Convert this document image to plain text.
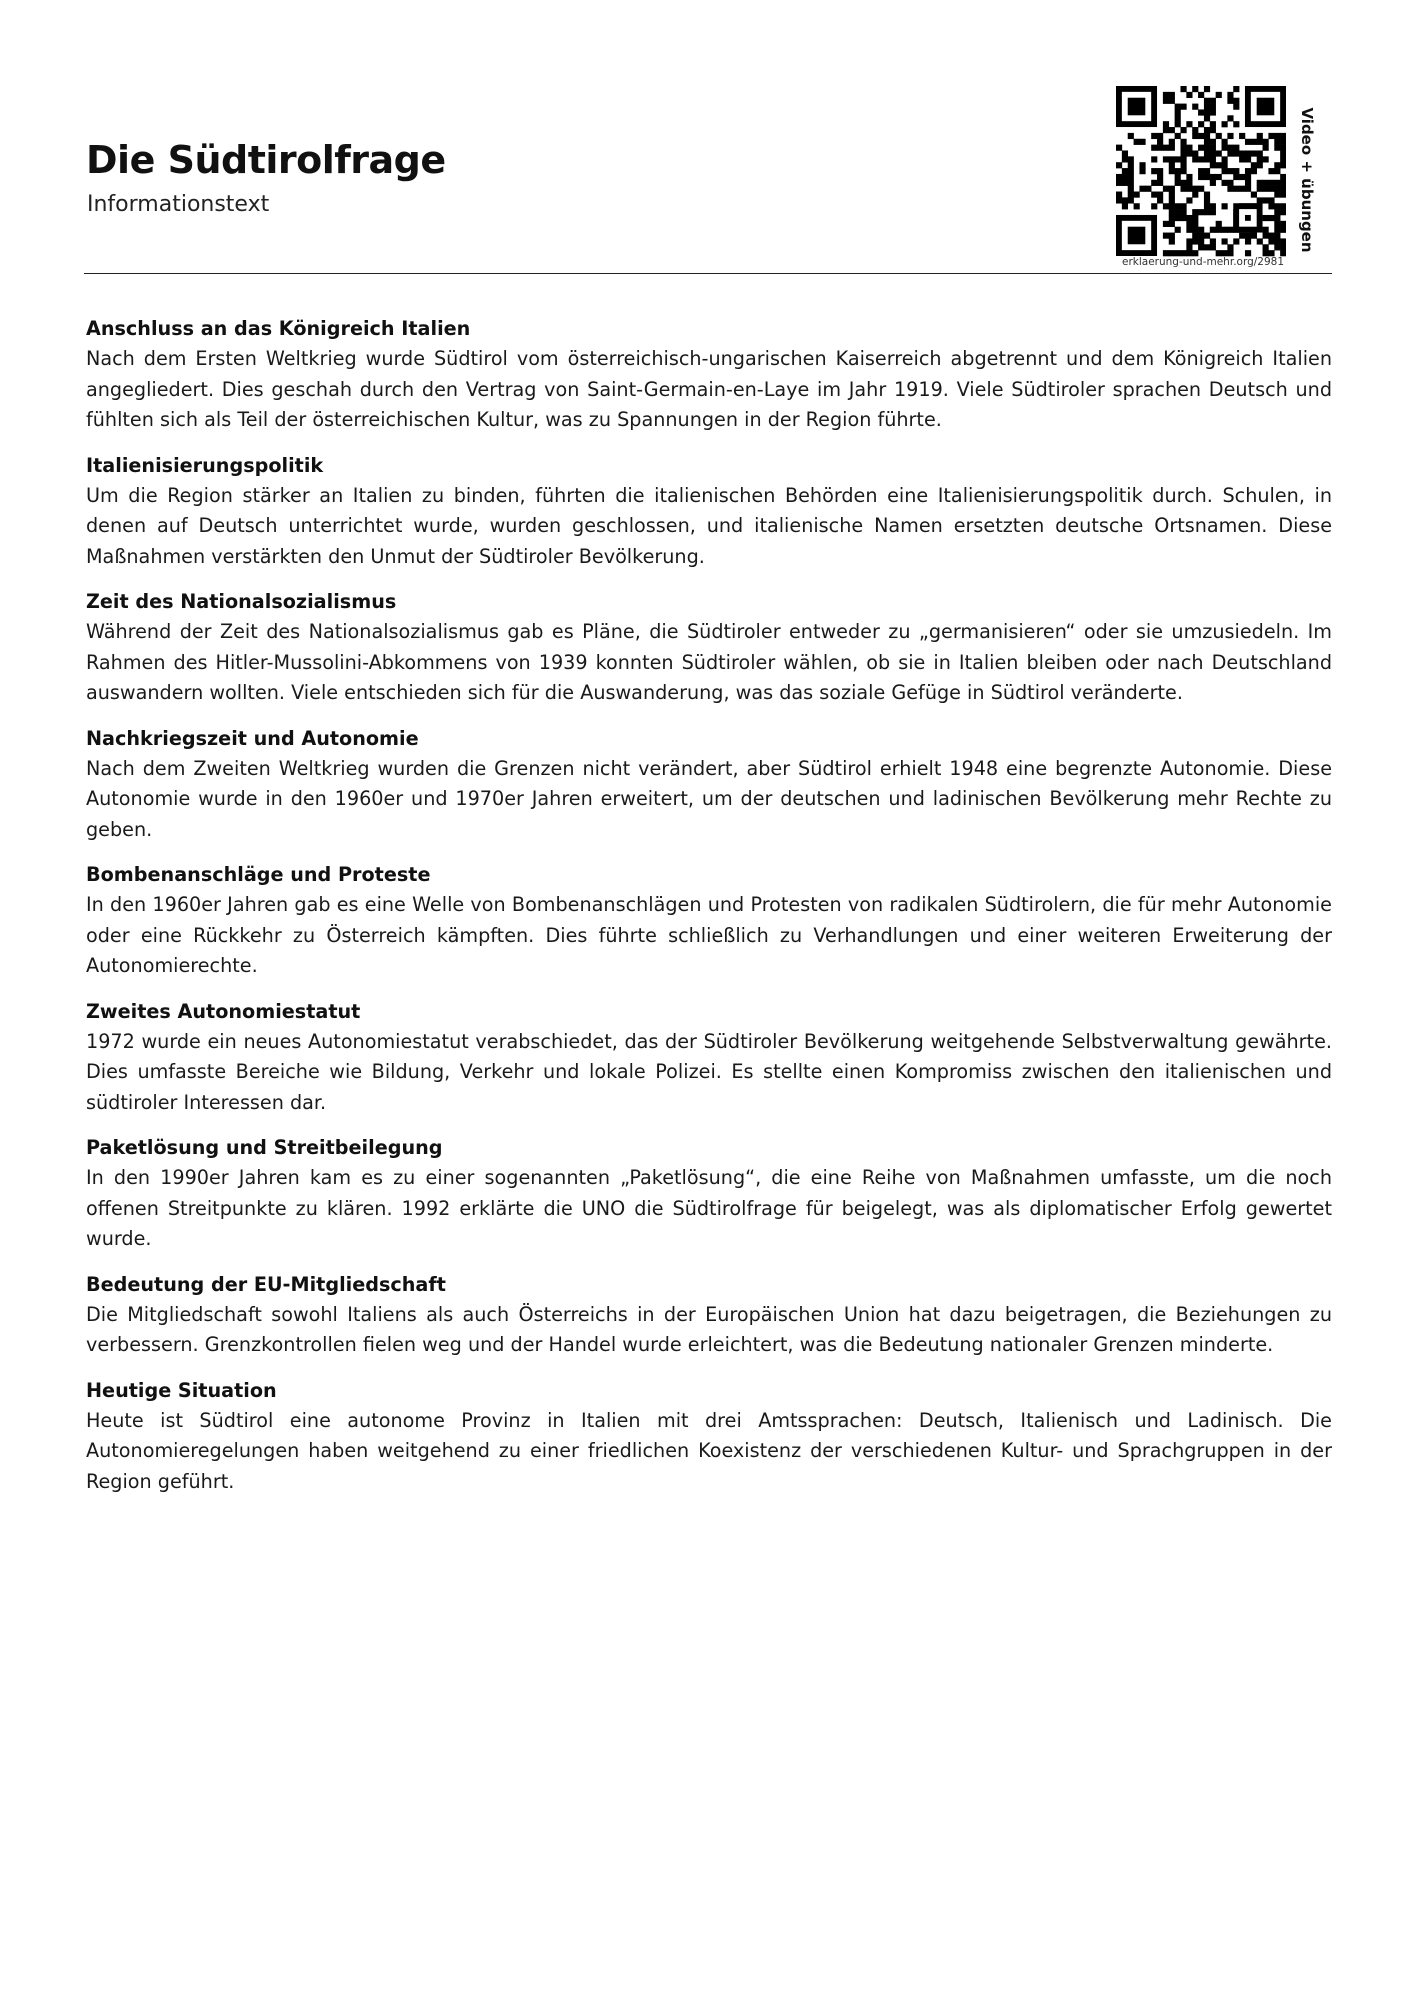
Die Südtirolfrage
Informationstext
erklaerung-und-mehr.org/2981
Video + übungen
Anschluss an das Königreich Italien

Nach dem Ersten Weltkrieg wurde Südtirol vom österreichisch-ungarischen Kaiserreich abgetrennt und dem Königreich Italien angegliedert. Dies geschah durch den Vertrag von Saint-Germain-en-Laye im Jahr 1919. Viele Südtiroler sprachen Deutsch und fühlten sich als Teil der österreichischen Kultur, was zu Spannungen in der Region führte.

Italienisierungspolitik

Um die Region stärker an Italien zu binden, führten die italienischen Behörden eine Italienisierungspolitik durch. Schulen, in denen auf Deutsch unterrichtet wurde, wurden geschlossen, und italienische Namen ersetzten deutsche Ortsnamen. Diese Maßnahmen verstärkten den Unmut der Südtiroler Bevölkerung.

Zeit des Nationalsozialismus

Während der Zeit des Nationalsozialismus gab es Pläne, die Südtiroler entweder zu „germanisieren“ oder sie umzusiedeln. Im Rahmen des Hitler-Mussolini-Abkommens von 1939 konnten Südtiroler wählen, ob sie in Italien bleiben oder nach Deutschland auswandern wollten. Viele entschieden sich für die Auswanderung, was das soziale Gefüge in Südtirol veränderte.

Nachkriegszeit und Autonomie

Nach dem Zweiten Weltkrieg wurden die Grenzen nicht verändert, aber Südtirol erhielt 1948 eine begrenzte Autonomie. Diese Autonomie wurde in den 1960er und 1970er Jahren erweitert, um der deutschen und ladinischen Bevölkerung mehr Rechte zu geben.

Bombenanschläge und Proteste

In den 1960er Jahren gab es eine Welle von Bombenanschlägen und Protesten von radikalen Südtirolern, die für mehr Autonomie oder eine Rückkehr zu Österreich kämpften. Dies führte schließlich zu Verhandlungen und einer weiteren Erweiterung der Autonomierechte.

Zweites Autonomiestatut

1972 wurde ein neues Autonomiestatut verabschiedet, das der Südtiroler Bevölkerung weitgehende Selbstverwaltung gewährte. Dies umfasste Bereiche wie Bildung, Verkehr und lokale Polizei. Es stellte einen Kompromiss zwischen den italienischen und südtiroler Interessen dar.

Paketlösung und Streitbeilegung

In den 1990er Jahren kam es zu einer sogenannten „Paketlösung“, die eine Reihe von Maßnahmen umfasste, um die noch offenen Streitpunkte zu klären. 1992 erklärte die UNO die Südtirolfrage für beigelegt, was als diplomatischer Erfolg gewertet wurde.

Bedeutung der EU-Mitgliedschaft

Die Mitgliedschaft sowohl Italiens als auch Österreichs in der Europäischen Union hat dazu beigetragen, die Beziehungen zu verbessern. Grenzkontrollen fielen weg und der Handel wurde erleichtert, was die Bedeutung nationaler Grenzen minderte.

Heutige Situation

Heute ist Südtirol eine autonome Provinz in Italien mit drei Amtssprachen: Deutsch, Italienisch und Ladinisch. Die Autonomieregelungen haben weitgehend zu einer friedlichen Koexistenz der verschiedenen Kultur- und Sprachgruppen in der Region geführt.
